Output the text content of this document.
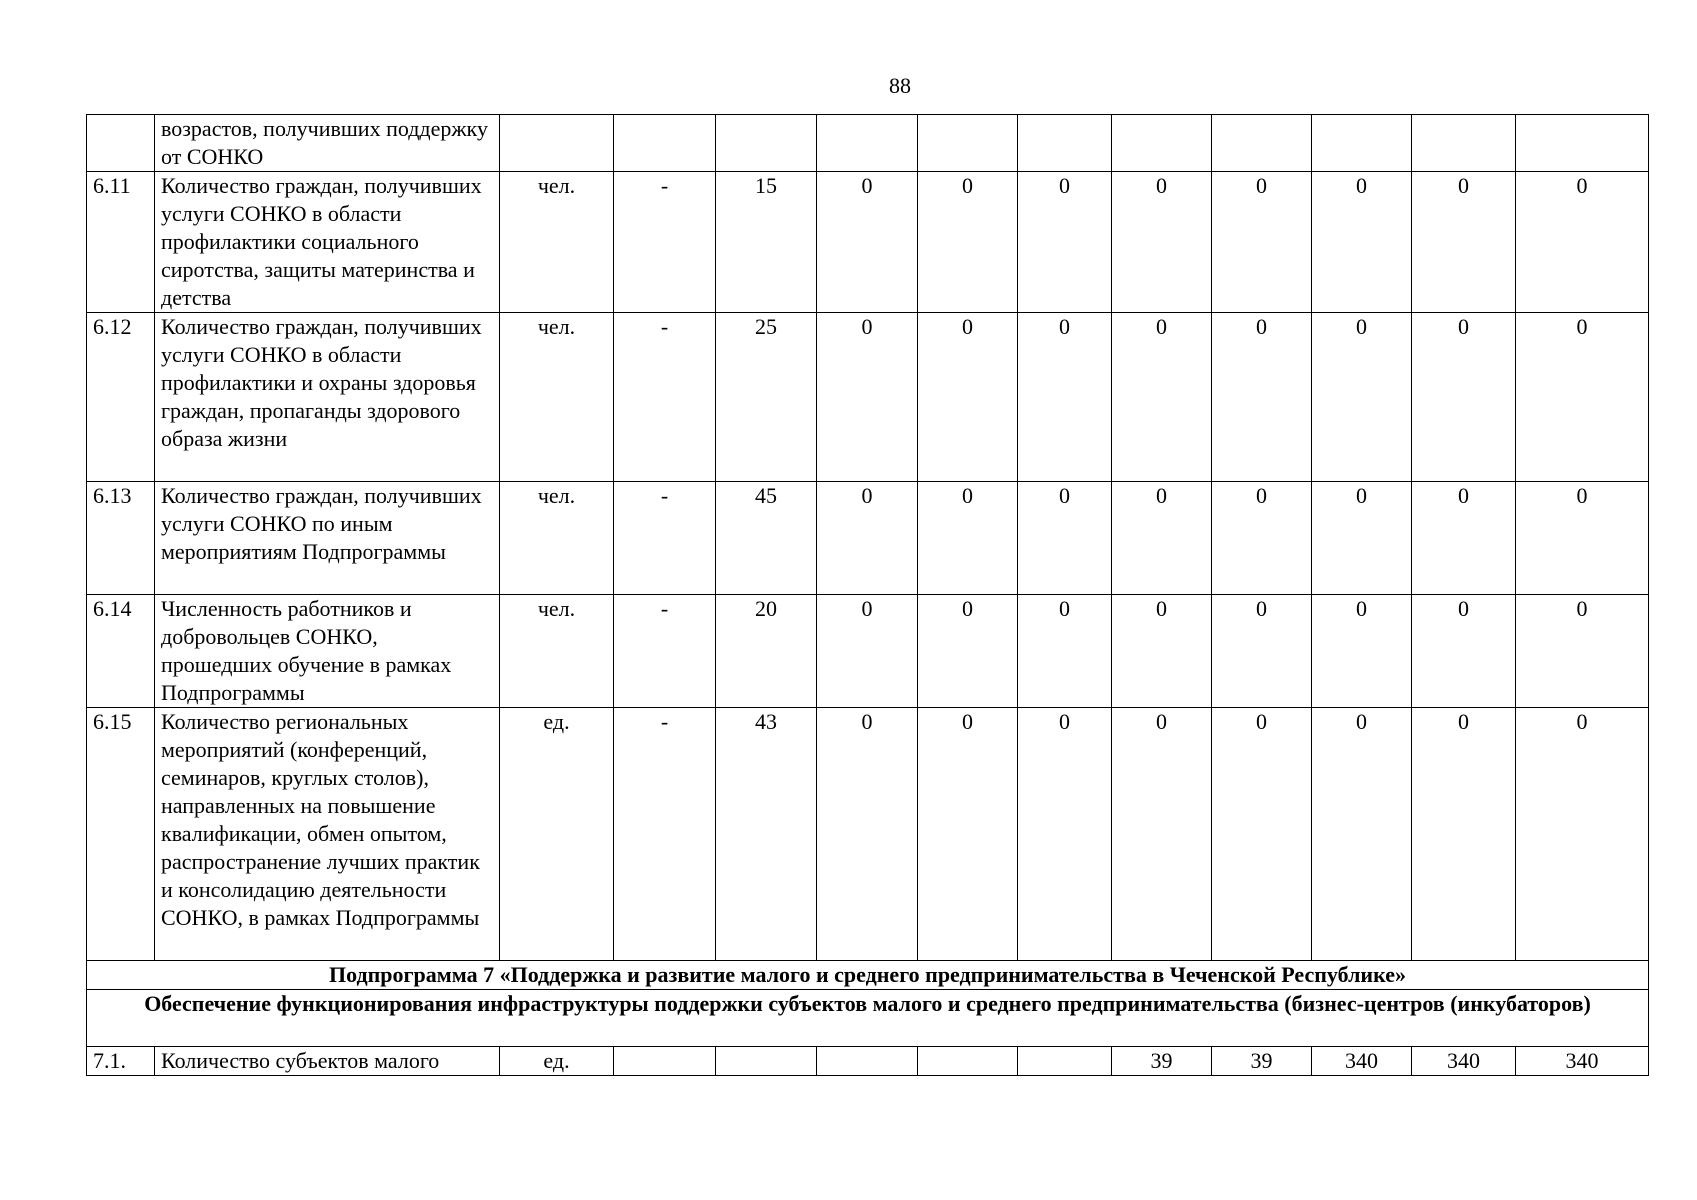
88
	возрастов, получивших поддержку от СОНКО											
6.11	Количество граждан, получивших услуги СОНКО в области профилактики социального сиротства, защиты материнства и детства	чел.	-	15	0	0	0	0	0	0	0	0
6.12	Количество граждан, получивших услуги СОНКО в области профилактики и охраны здоровья граждан, пропаганды здорового образа жизни	чел.	-	25	0	0	0	0	0	0	0	0
6.13	Количество граждан, получивших услуги СОНКО по иным мероприятиям Подпрограммы	чел.	-	45	0	0	0	0	0	0	0	0
6.14	Численность работников и добровольцев СОНКО, прошедших обучение в рамках Подпрограммы	чел.	-	20	0	0	0	0	0	0	0	0
6.15	Количество региональных мероприятий (конференций, семинаров, круглых столов), направленных на повышение квалификации, обмен опытом, распространение лучших практик и консолидацию деятельности СОНКО, в рамках Подпрограммы	ед.	-	43	0	0	0	0	0	0	0	0
Подпрограмма 7 «Поддержка и развитие малого и среднего предпринимательства в Чеченской Республике»												
Обеспечение функционирования инфраструктуры поддержки субъектов малого и среднего предпринимательства (бизнес-центров (инкубаторов)												
7.1.	Количество субъектов малого	ед.						39	39	340	340	340
